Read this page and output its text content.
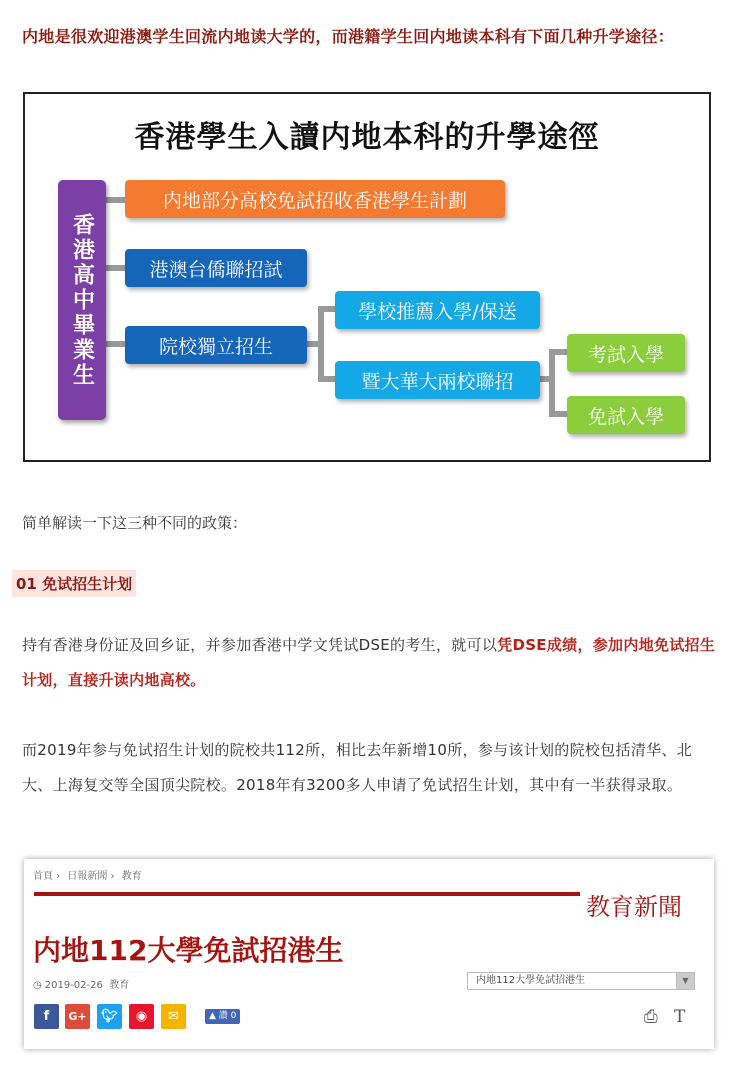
内地是很欢迎港澳学生回流内地读大学的，而港籍学生回内地读本科有下面几种升学途径：
香港學生入讀内地本科的升學途徑
香港高中畢業生
内地部分高校免試招收香港學生計劃
港澳台僑聯招試
院校獨立招生
學校推薦入學/保送
暨大華大兩校聯招
考試入學
免試入學
简单解读一下这三种不同的政策：
01 免试招生计划
持有香港身份证及回乡证，并参加香港中学文凭试DSE的考生，就可以凭DSE成绩，参加内地免试招生计划，直接升读内地高校。
而2019年参与免试招生计划的院校共112所，相比去年新增10所，参与该计划的院校包括清华、北大、上海复交等全国顶尖院校。2018年有3200多人申请了免试招生计划，其中有一半获得录取。
首頁 › 日報新聞 › 教育
教育新聞
内地112大學免試招港生
◷ 2019-02-26 教育	内地112大學免試招港生	▼
f	G+	🐦︎	◉	✉	▲ 讚 0	⎙ T
